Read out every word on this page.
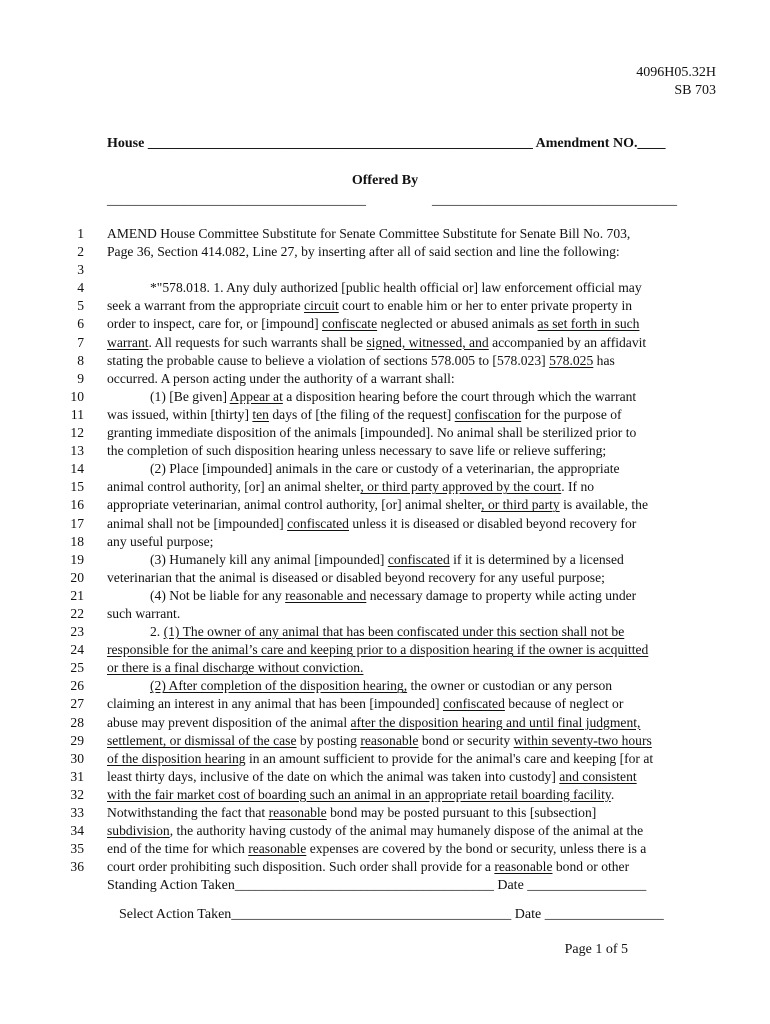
4096H05.32H
SB 703
House _______________________________________________________ Amendment NO.____
Offered By
_____________________________________	___________________________________
1 AMEND House Committee Substitute for Senate Committee Substitute for Senate Bill No. 703,
2 Page 36, Section 414.082, Line 27, by inserting after all of said section and line the following:
3
4	*"578.018. 1. Any duly authorized [public health official or] law enforcement official may
5 seek a warrant from the appropriate circuit court to enable him or her to enter private property in
6 order to inspect, care for, or [impound] confiscate neglected or abused animals as set forth in such
7 warrant. All requests for such warrants shall be signed, witnessed, and accompanied by an affidavit
8 stating the probable cause to believe a violation of sections 578.005 to [578.023] 578.025 has
9 occurred. A person acting under the authority of a warrant shall:
10	(1) [Be given] Appear at a disposition hearing before the court through which the warrant
11 was issued, within [thirty] ten days of [the filing of the request] confiscation for the purpose of
12 granting immediate disposition of the animals [impounded]. No animal shall be sterilized prior to
13 the completion of such disposition hearing unless necessary to save life or relieve suffering;
14	(2) Place [impounded] animals in the care or custody of a veterinarian, the appropriate
15 animal control authority, [or] an animal shelter, or third party approved by the court. If no
16 appropriate veterinarian, animal control authority, [or] animal shelter, or third party is available, the
17 animal shall not be [impounded] confiscated unless it is diseased or disabled beyond recovery for
18 any useful purpose;
19	(3) Humanely kill any animal [impounded] confiscated if it is determined by a licensed
20 veterinarian that the animal is diseased or disabled beyond recovery for any useful purpose;
21	(4) Not be liable for any reasonable and necessary damage to property while acting under
22 such warrant.
23	2. (1) The owner of any animal that has been confiscated under this section shall not be
24 responsible for the animal’s care and keeping prior to a disposition hearing if the owner is acquitted
25 or there is a final discharge without conviction.
26	(2) After completion of the disposition hearing, the owner or custodian or any person
27 claiming an interest in any animal that has been [impounded] confiscated because of neglect or
28 abuse may prevent disposition of the animal after the disposition hearing and until final judgment,
29 settlement, or dismissal of the case by posting reasonable bond or security within seventy-two hours
30 of the disposition hearing in an amount sufficient to provide for the animal's care and keeping [for at
31 least thirty days, inclusive of the date on which the animal was taken into custody] and consistent
32 with the fair market cost of boarding such an animal in an appropriate retail boarding facility.
33 Notwithstanding the fact that reasonable bond may be posted pursuant to this [subsection]
34 subdivision, the authority having custody of the animal may humanely dispose of the animal at the
35 end of the time for which reasonable expenses are covered by the bond or security, unless there is a
36 court order prohibiting such disposition. Such order shall provide for a reasonable bond or other
Standing Action Taken_____________________________________ Date _________________
Select Action Taken________________________________________ Date _________________
Page 1 of 5
